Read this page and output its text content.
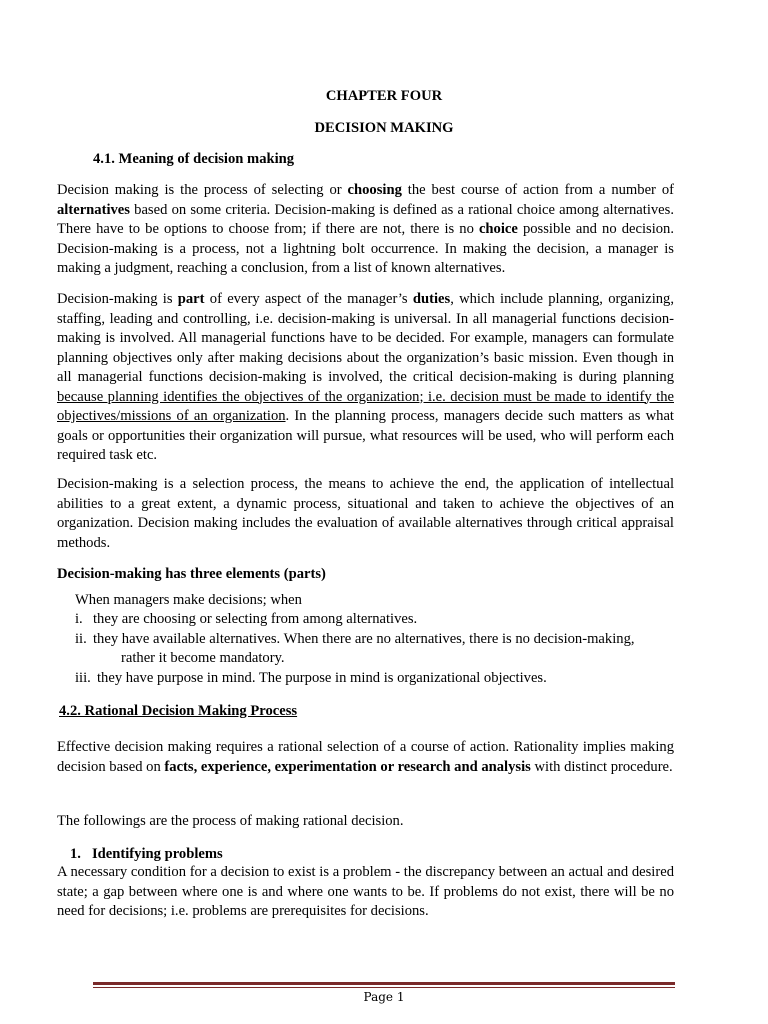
CHAPTER FOUR
DECISION MAKING
4.1. Meaning of decision making

Decision making is the process of selecting or choosing the best course of action from a number of alternatives based on some criteria. Decision-making is defined as a rational choice among alternatives. There have to be options to choose from; if there are not, there is no choice possible and no decision. Decision-making is a process, not a lightning bolt occurrence. In making the decision, a manager is making a judgment, reaching a conclusion, from a list of known alternatives.

Decision-making is part of every aspect of the manager’s duties, which include planning, organizing, staffing, leading and controlling, i.e. decision-making is universal. In all managerial functions decision-making is involved. All managerial functions have to be decided. For example, managers can formulate planning objectives only after making decisions about the organization’s basic mission. Even though in all managerial functions decision-making is involved, the critical decision-making is during planning because planning identifies the objectives of the organization; i.e. decision must be made to identify the objectives/missions of an organization. In the planning process, managers decide such matters as what goals or opportunities their organization will pursue, what resources will be used, who will perform each required task etc.

Decision-making is a selection process, the means to achieve the end, the application of intellectual abilities to a great extent, a dynamic process, situational and taken to achieve the objectives of an organization. Decision making includes the evaluation of available alternatives through critical appraisal methods.

Decision-making has three elements (parts)
When managers make decisions; when
i. they are choosing or selecting from among alternatives.
ii. they have available alternatives. When there are no alternatives, there is no decision-making,
rather it become mandatory.
iii. they have purpose in mind. The purpose in mind is organizational objectives.
4.2. Rational Decision Making Process

Effective decision making requires a rational selection of a course of action. Rationality implies making decision based on facts, experience, experimentation or research and analysis with distinct procedure.

The followings are the process of making rational decision.

1. Identifying problems

A necessary condition for a decision to exist is a problem - the discrepancy between an actual and desired state; a gap between where one is and where one wants to be. If problems do not exist, there will be no need for decisions; i.e. problems are prerequisites for decisions.

Page 1
